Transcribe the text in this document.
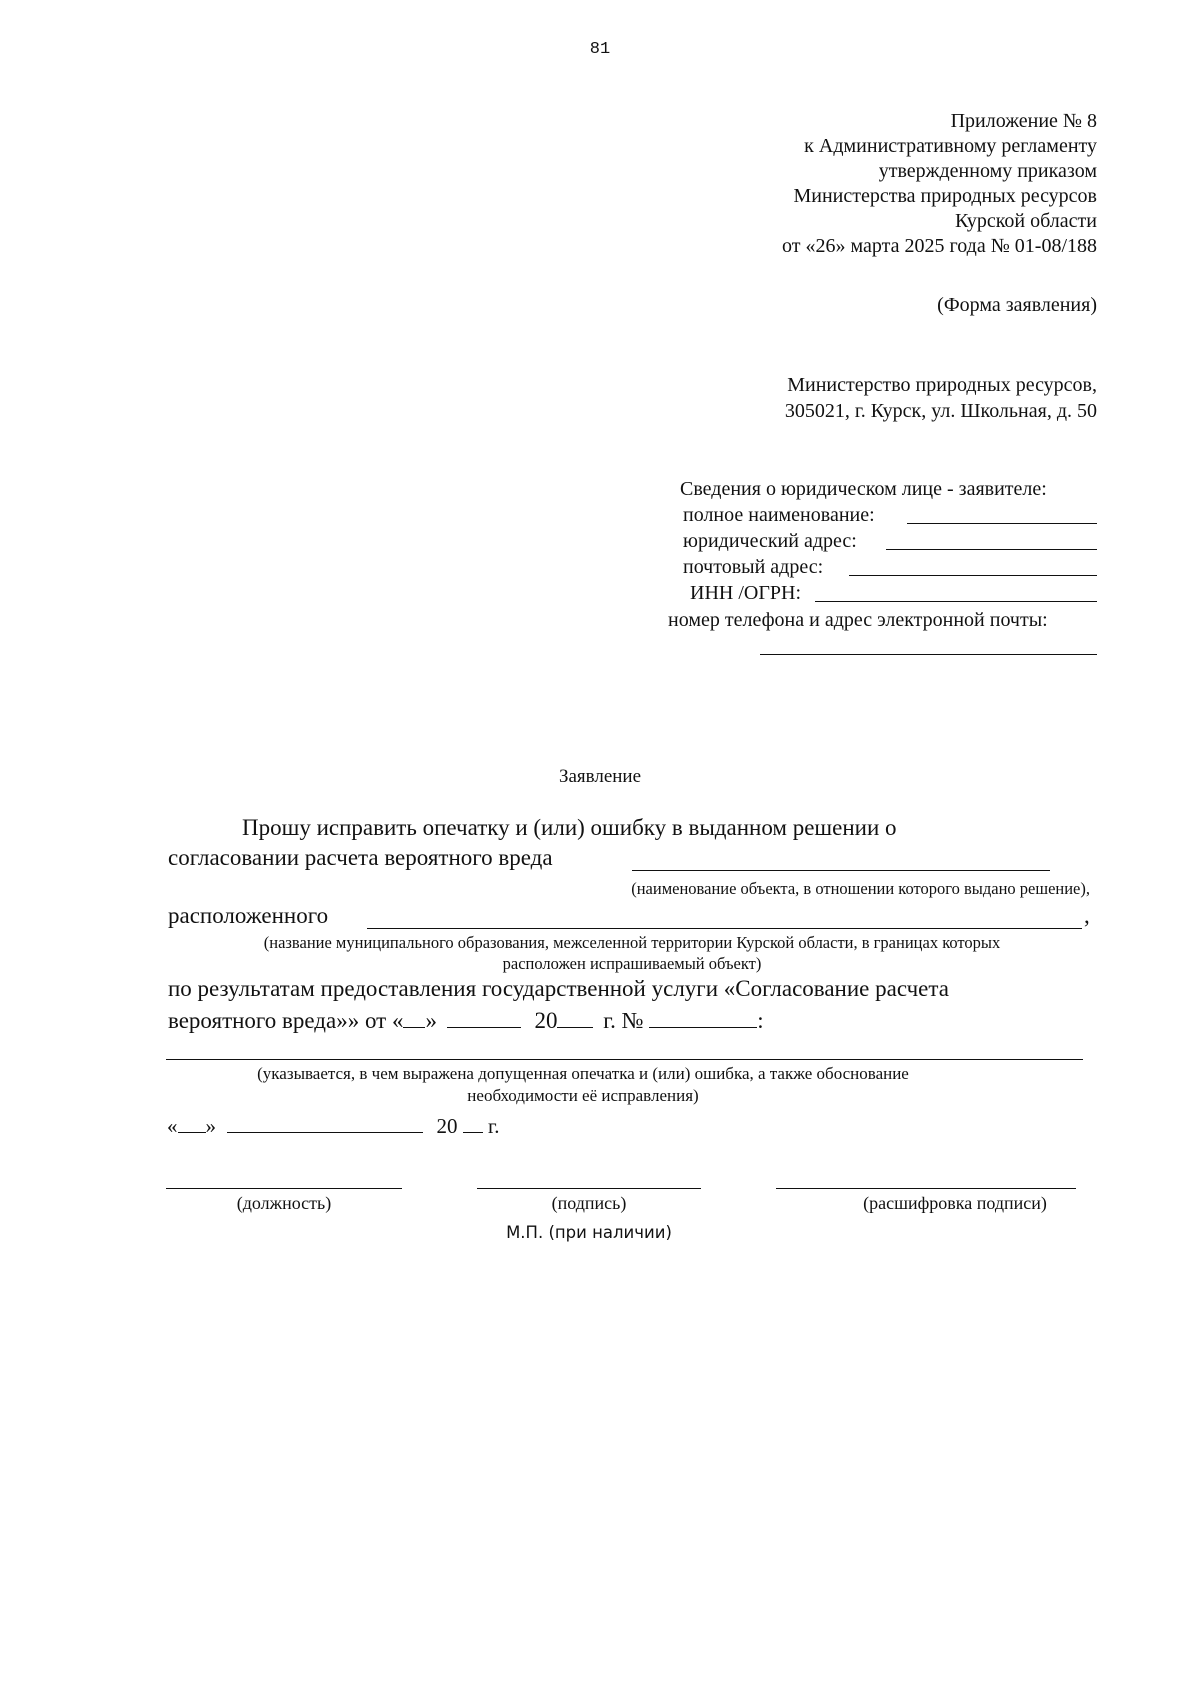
81
Приложение № 8
к Административному регламенту
утвержденному приказом
Министерства природных ресурсов
Курской области
от «26» марта 2025 года № 01-08/188
(Форма заявления)
Министерство природных ресурсов,
305021, г. Курск, ул. Школьная, д. 50
Сведения о юридическом лице - заявителе:
полное наименование:
юридический адрес:
почтовый адрес:
ИНН /ОГРН:
номер телефона и адрес электронной почты:
Заявление
Прошу исправить опечатку и (или) ошибку в выданном решении о
согласовании расчета вероятного вреда
(наименование объекта, в отношении которого выдано решение),
расположенного	,
(название муниципального образования, межселенной территории Курской области, в границах которых
расположен испрашиваемый объект)
по результатам предоставления государственной услуги «Согласование расчета
вероятного вреда»» от « »	20 г. №	:
(указывается, в чем выражена допущенная опечатка и (или) ошибка, а также обоснование
необходимости её исправления)
« »	20 г.
(должность)	(подпись)	(расшифровка подписи)
М.П. (при наличии)
